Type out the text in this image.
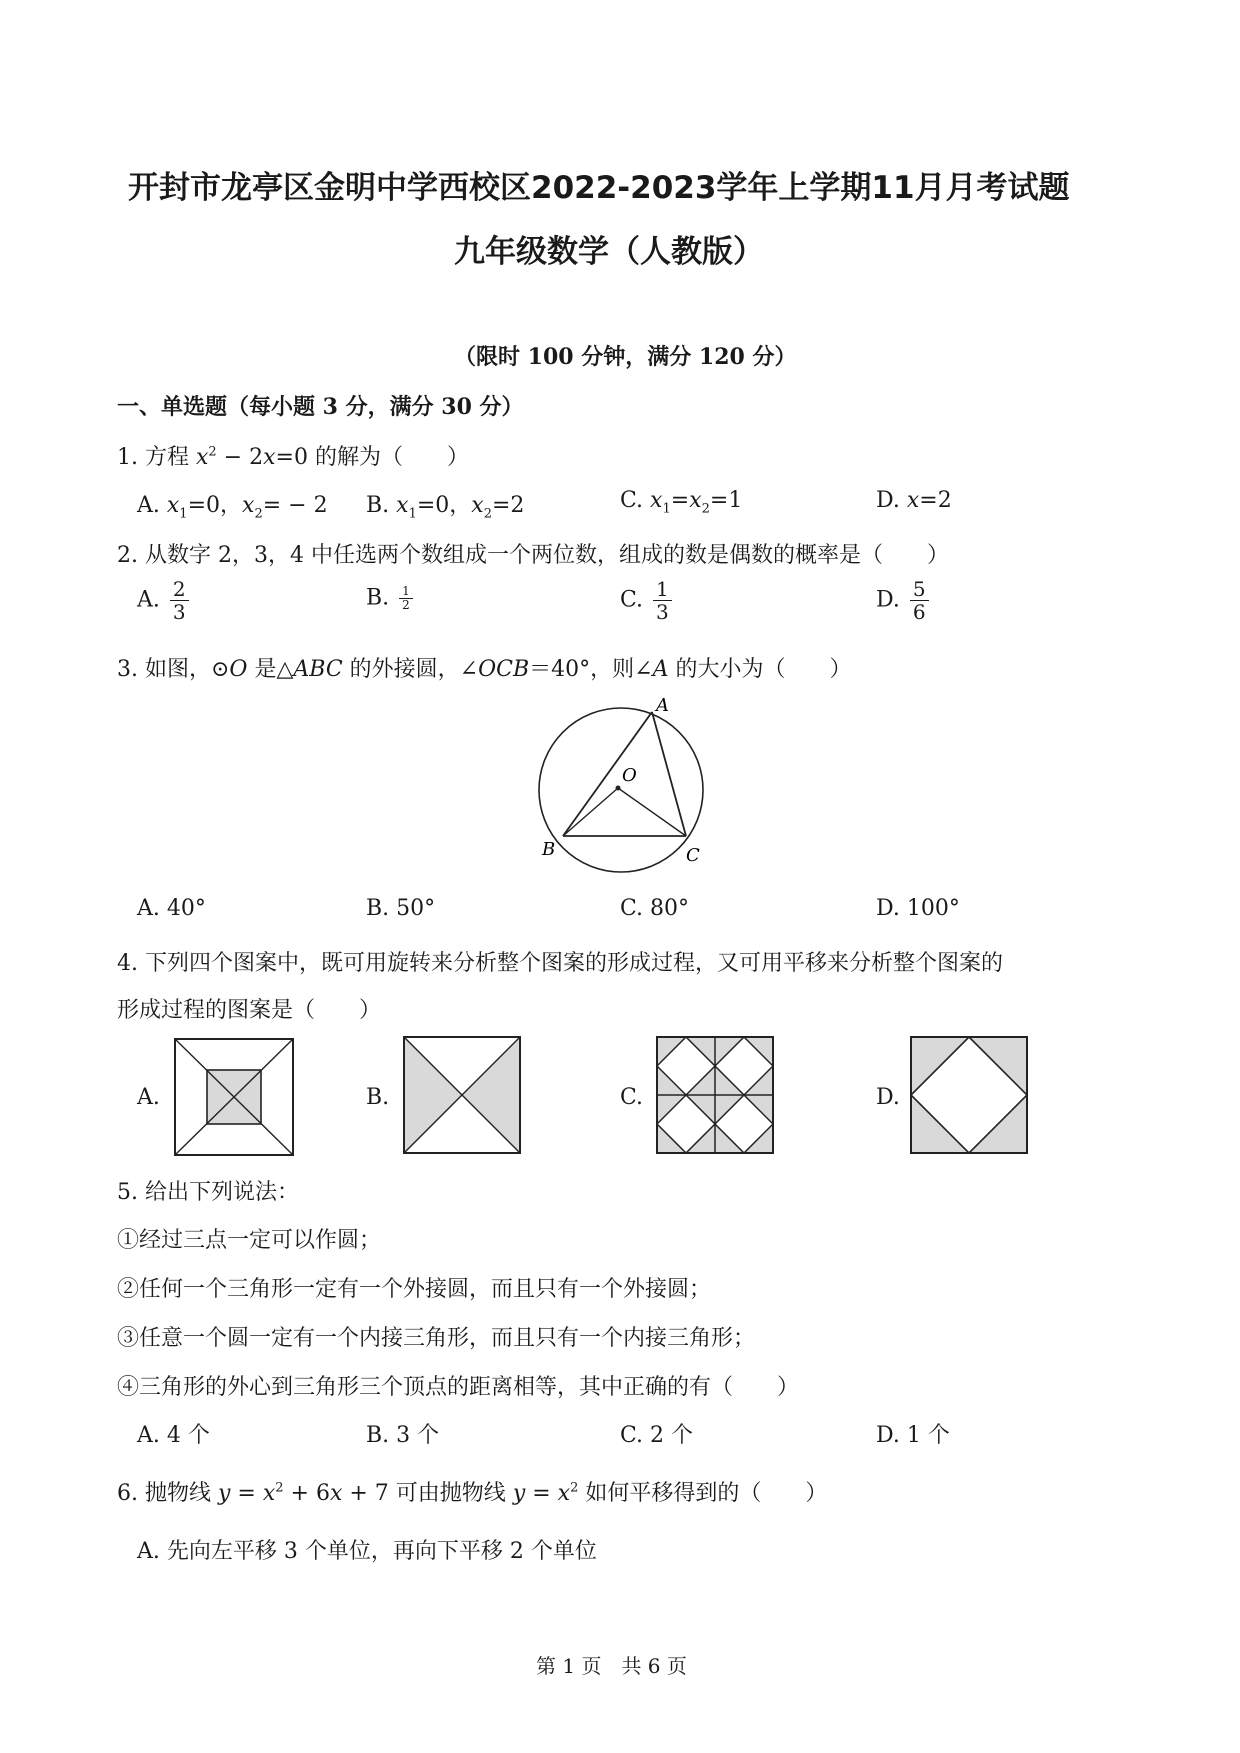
开封市龙亭区金明中学西校区2022-2023学年上学期11月月考试题
九年级数学（人教版）
（限时 100 分钟，满分 120 分）
一、单选题（每小题 3 分，满分 30 分）
1. 方程 $x^2 - 2x=0$ 的解为（　　）
A. $x_1=0$，$x_2= - 2$ B. $x_1=0$，$x_2=2$	C. $x_1=x_2=1$	D. x=2
2. 从数字 2，3，4 中任选两个数组成一个两位数，组成的数是偶数的概率是（　　）
A. $\frac{2}{3}$	B. $\frac{1}{2}$	C. $\frac{1}{3}$	D. $\frac{5}{6}$
3. 如图，⊙O 是△ABC 的外接圆，∠OCB＝40°，则∠A 的大小为（　　）
A
O
B	C
A. 40°	B. 50°	C. 80°	D. 100°
4. 下列四个图案中，既可用旋转来分析整个图案的形成过程，又可用平移来分析整个图案的
形成过程的图案是（　　）
A.	B.	C.	D.
5. 给出下列说法：
①经过三点一定可以作圆；
②任何一个三角形一定有一个外接圆，而且只有一个外接圆；
③任意一个圆一定有一个内接三角形，而且只有一个内接三角形；
④三角形的外心到三角形三个顶点的距离相等，其中正确的有（　　）
A. 4 个	B. 3 个	C. 2 个	D. 1 个
6. 抛物线 $y = x^2 + 6x + 7$ 可由抛物线 $y = x^2$ 如何平移得到的（　　）
A. 先向左平移 3 个单位，再向下平移 2 个单位
第 1 页　共 6 页
